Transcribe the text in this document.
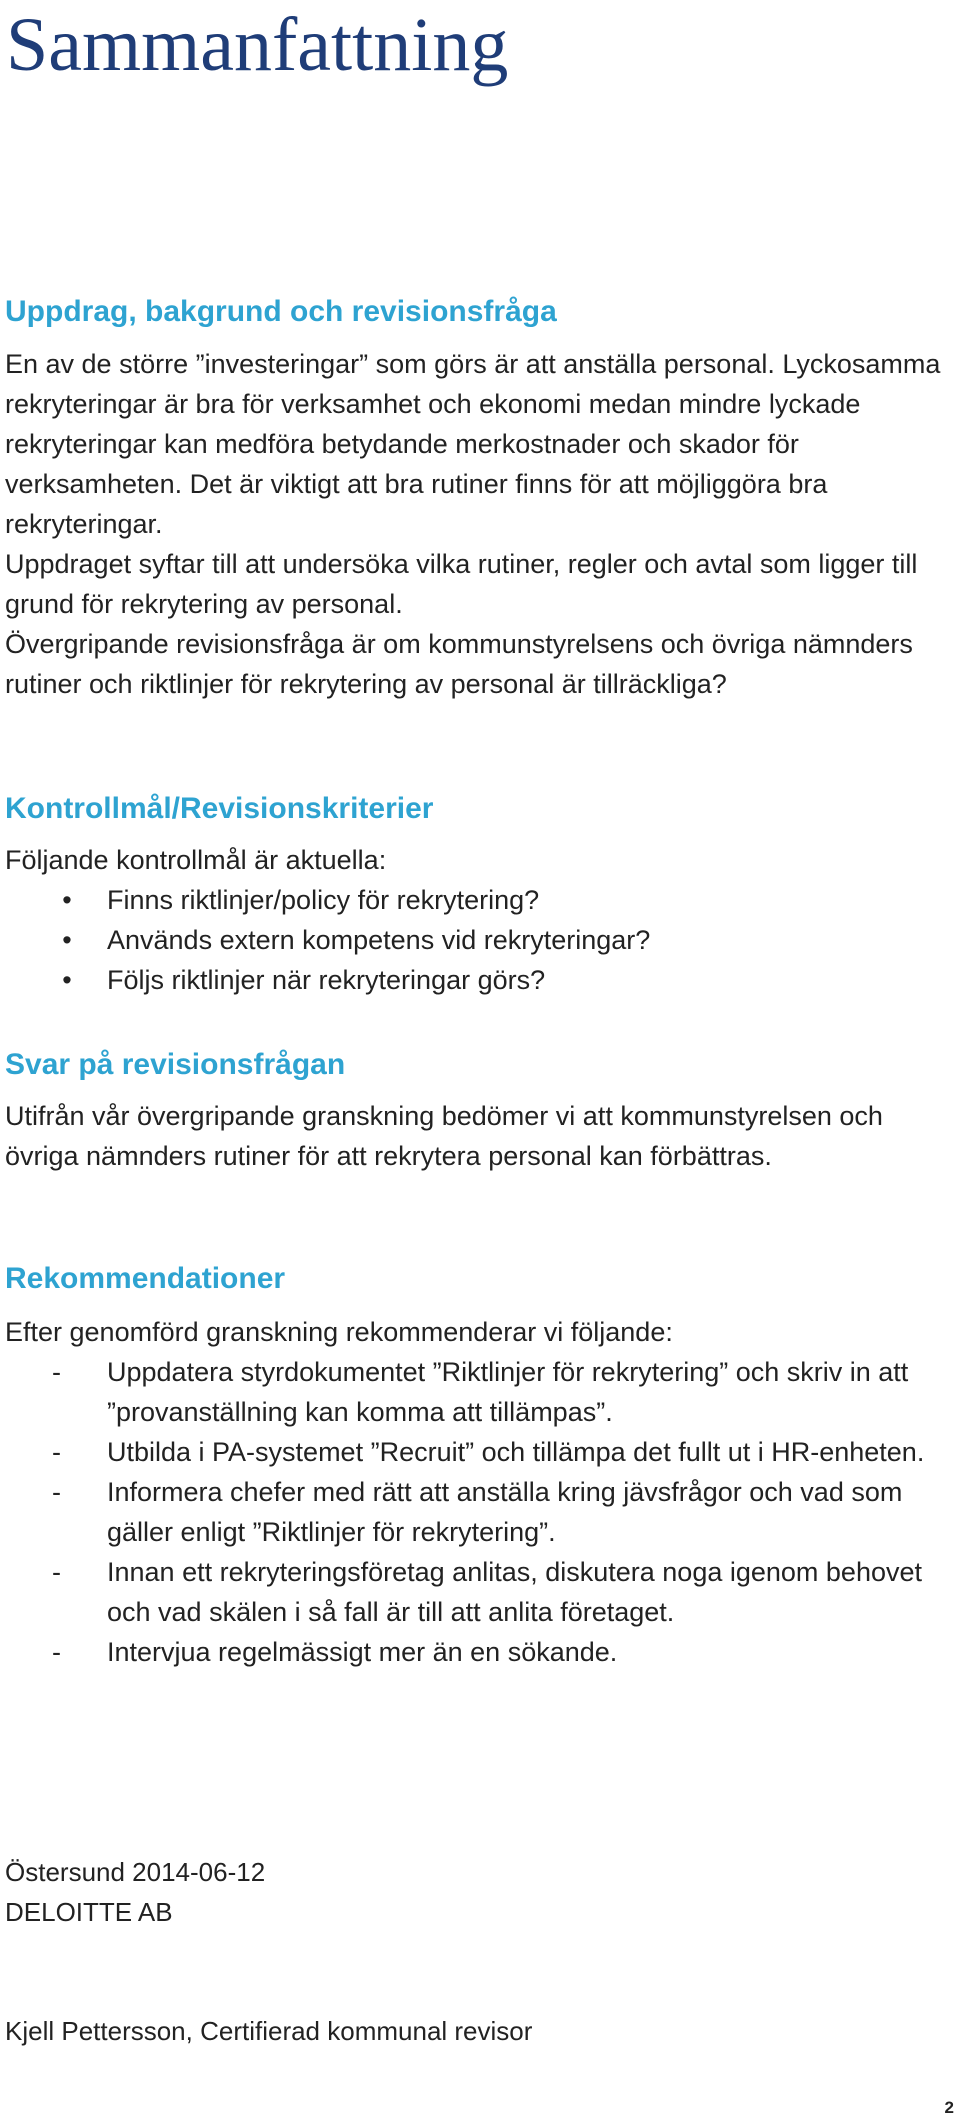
Sammanfattning
Uppdrag, bakgrund och revisionsfråga

En av de större ”investeringar” som görs är att anställa personal. Lyckosamma rekryteringar är bra för verksamhet och ekonomi medan mindre lyckade rekryteringar kan medföra betydande merkostnader och skador för verksamheten. Det är viktigt att bra rutiner finns för att möjliggöra bra rekryteringar.

Uppdraget syftar till att undersöka vilka rutiner, regler och avtal som ligger till grund för rekrytering av personal.

Övergripande revisionsfråga är om kommunstyrelsens och övriga nämnders rutiner och riktlinjer för rekrytering av personal är tillräckliga?

Kontrollmål/Revisionskriterier

Följande kontrollmål är aktuella:

•	Finns riktlinjer/policy för rekrytering?
•	Används extern kompetens vid rekryteringar?
•	Följs riktlinjer när rekryteringar görs?
Svar på revisionsfrågan

Utifrån vår övergripande granskning bedömer vi att kommunstyrelsen och övriga nämnders rutiner för att rekrytera personal kan förbättras.

Rekommendationer

Efter genomförd granskning rekommenderar vi följande:

-	Uppdatera styrdokumentet ”Riktlinjer för rekrytering” och skriv in att ”provanställning kan komma att tillämpas”.
-	Utbilda i PA-systemet ”Recruit” och tillämpa det fullt ut i HR-enheten.
-	Informera chefer med rätt att anställa kring jävsfrågor och vad som gäller enligt ”Riktlinjer för rekrytering”.
-	Innan ett rekryteringsföretag anlitas, diskutera noga igenom behovet och vad skälen i så fall är till att anlita företaget.
-	Intervjua regelmässigt mer än en sökande.

Östersund 2014-06-12

DELOITTE AB

Kjell Pettersson, Certifierad kommunal revisor

2
